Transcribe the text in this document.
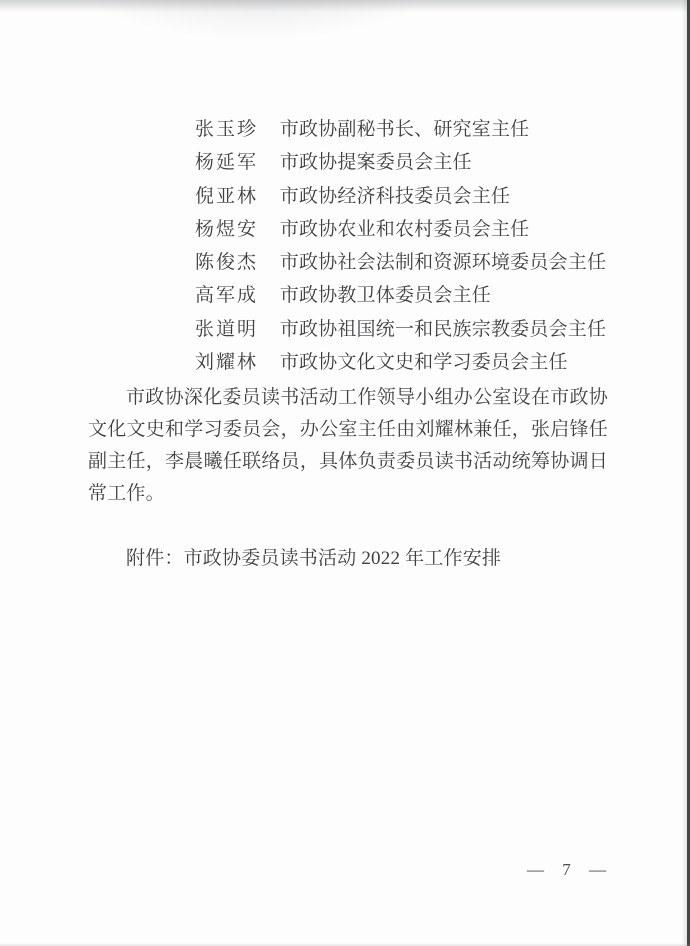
张玉珍 市政协副秘书长、研究室主任
杨延军 市政协提案委员会主任
倪亚林 市政协经济科技委员会主任
杨煜安 市政协农业和农村委员会主任
陈俊杰 市政协社会法制和资源环境委员会主任
高军成 市政协教卫体委员会主任
张道明 市政协祖国统一和民族宗教委员会主任
刘耀林 市政协文化文史和学习委员会主任

市政协深化委员读书活动工作领导小组办公室设在市政协文化文史和学习委员会，办公室主任由刘耀林兼任，张启锋任副主任，李晨曦任联络员，具体负责委员读书活动统筹协调日常工作。

附件：市政协委员读书活动 2022 年工作安排

— 7 —
